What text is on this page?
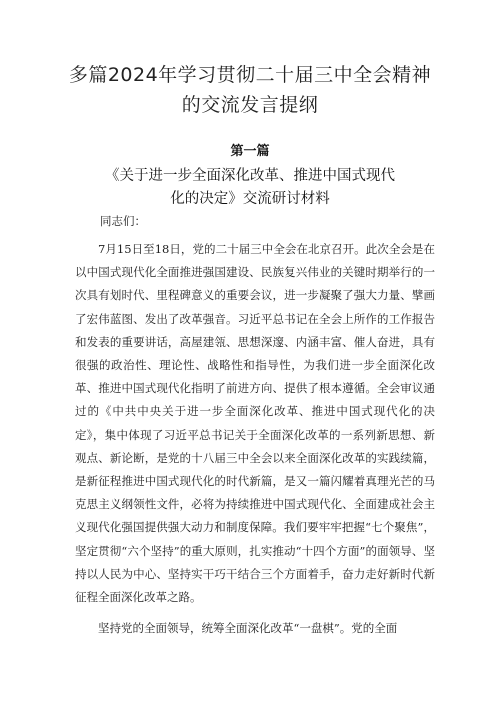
多篇2024年学习贯彻二十届三中全会精神
的交流发言提纲
第一篇
《关于进一步全面深化改革、推进中国式现代
化的决定》交流研讨材料
同志们：

7月15日至18日，党的二十届三中全会在北京召开。此次全会是在以中国式现代化全面推进强国建设、民族复兴伟业的关键时期举行的一次具有划时代、里程碑意义的重要会议，进一步凝聚了强大力量、擘画了宏伟蓝图、发出了改革强音。习近平总书记在全会上所作的工作报告和发表的重要讲话，高屋建瓴、思想深邃、内涵丰富、催人奋进，具有很强的政治性、理论性、战略性和指导性，为我们进一步全面深化改革、推进中国式现代化指明了前进方向、提供了根本遵循。全会审议通过的《中共中央关于进一步全面深化改革、推进中国式现代化的决定》，集中体现了习近平总书记关于全面深化改革的一系列新思想、新观点、新论断，是党的十八届三中全会以来全面深化改革的实践续篇，是新征程推进中国式现代化的时代新篇，是又一篇闪耀着真理光芒的马克思主义纲领性文件，必将为持续推进中国式现代化、全面建成社会主义现代化强国提供强大动力和制度保障。我们要牢牢把握“七个聚焦”，坚定贯彻“六个坚持”的重大原则，扎实推动“十四个方面”的面领导、坚持以人民为中心、坚持实干巧干结合三个方面着手，奋力走好新时代新征程全面深化改革之路。

坚持党的全面领导，统筹全面深化改革“一盘棋”。党的全面
